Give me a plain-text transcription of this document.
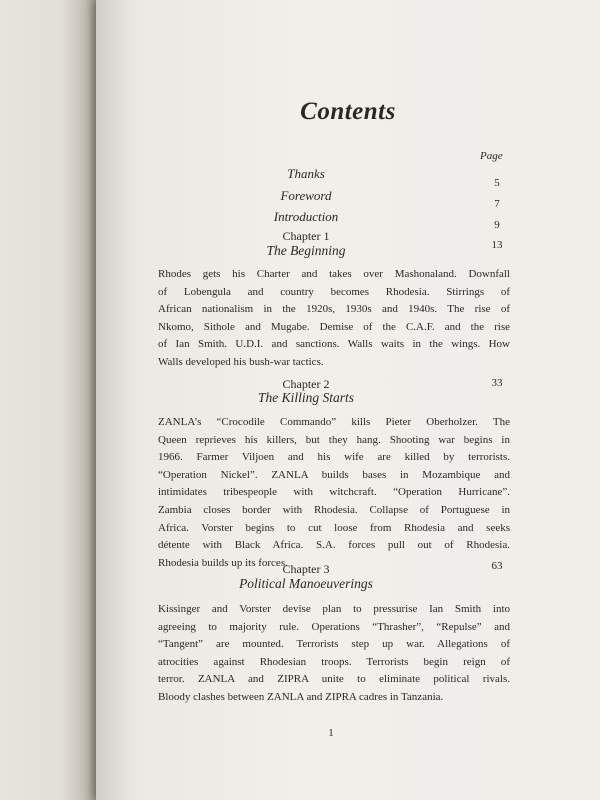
Contents
Page
Thanks
5
Foreword
7
Introduction
9
Chapter 1
The Beginning	13
Rhodes gets his Charter and takes over Mashonaland. Downfall
of Lobengula and country becomes Rhodesia. Stirrings of
African nationalism in the 1920s, 1930s and 1940s. The rise of
Nkomo, Sithole and Mugabe. Demise of the C.A.F. and the rise
of Ian Smith. U.D.I. and sanctions. Walls waits in the wings. How
Walls developed his bush-war tactics.
Chapter 2
The Killing Starts
33
ZANLA’s “Crocodile Commando” kills Pieter Oberholzer. The
Queen reprieves his killers, but they hang. Shooting war begins in
1966. Farmer Viljoen and his wife are killed by terrorists.
“Operation Nickel”. ZANLA builds bases in Mozambique and
intimidates tribespeople with witchcraft. “Operation Hurricane”.
Zambia closes border with Rhodesia. Collapse of Portuguese in
Africa. Vorster begins to cut loose from Rhodesia and seeks
détente with Black Africa. S.A. forces pull out of Rhodesia.
Rhodesia builds up its forces.
Chapter 3
Political Manoeuverings
63
Kissinger and Vorster devise plan to pressurise Ian Smith into
agreeing to majority rule. Operations “Thrasher”, “Repulse” and
“Tangent” are mounted. Terrorists step up war. Allegations of
atrocities against Rhodesian troops. Terrorists begin reign of
terror. ZANLA and ZIPRA unite to eliminate political rivals.
Bloody clashes between ZANLA and ZIPRA cadres in Tanzania.
1
